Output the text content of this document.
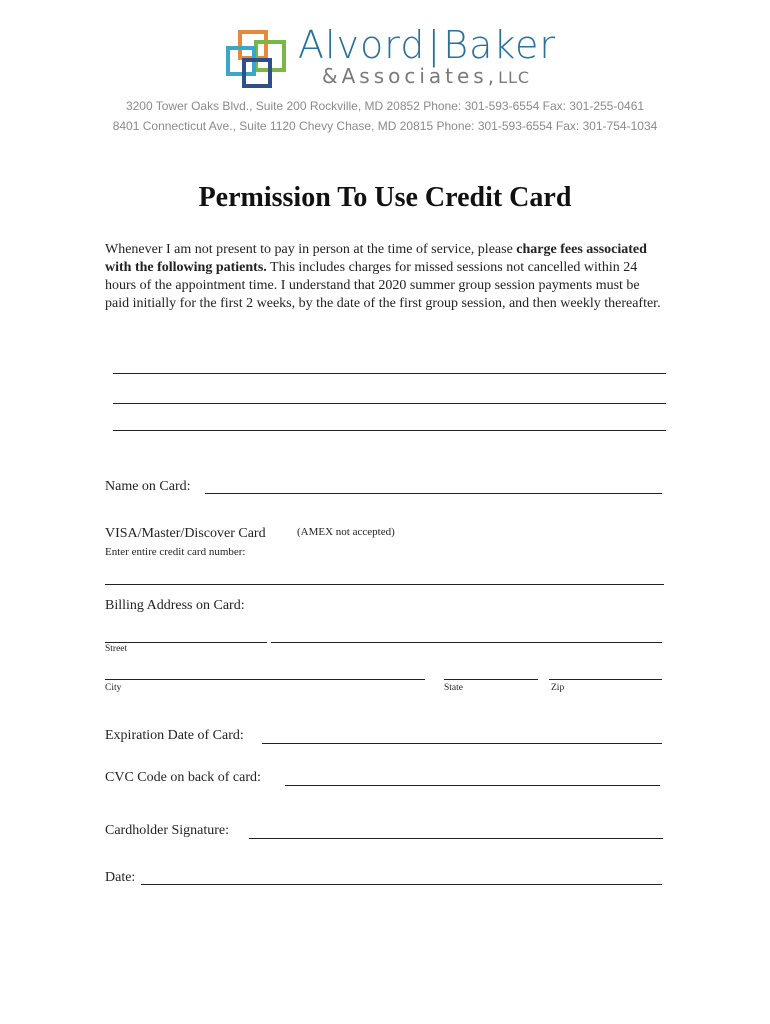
Alvord|Baker
&Associates,LLC
3200 Tower Oaks Blvd., Suite 200 Rockville, MD 20852 Phone: 301-593-6554 Fax: 301-255-0461
8401 Connecticut Ave., Suite 1120 Chevy Chase, MD 20815 Phone: 301-593-6554 Fax: 301-754-1034
Permission To Use Credit Card
Whenever I am not present to pay in person at the time of service, please charge fees associated with the following patients. This includes charges for missed sessions not cancelled within 24 hours of the appointment time. I understand that 2020 summer group session payments must be paid initially for the first 2 weeks, by the date of the first group session, and then weekly thereafter.
Name on Card:
VISA/Master/Discover Card	(AMEX not accepted)
Enter entire credit card number:
Billing Address on Card:
Street
City	State	Zip
Expiration Date of Card:
CVC Code on back of card:
Cardholder Signature:
Date:
